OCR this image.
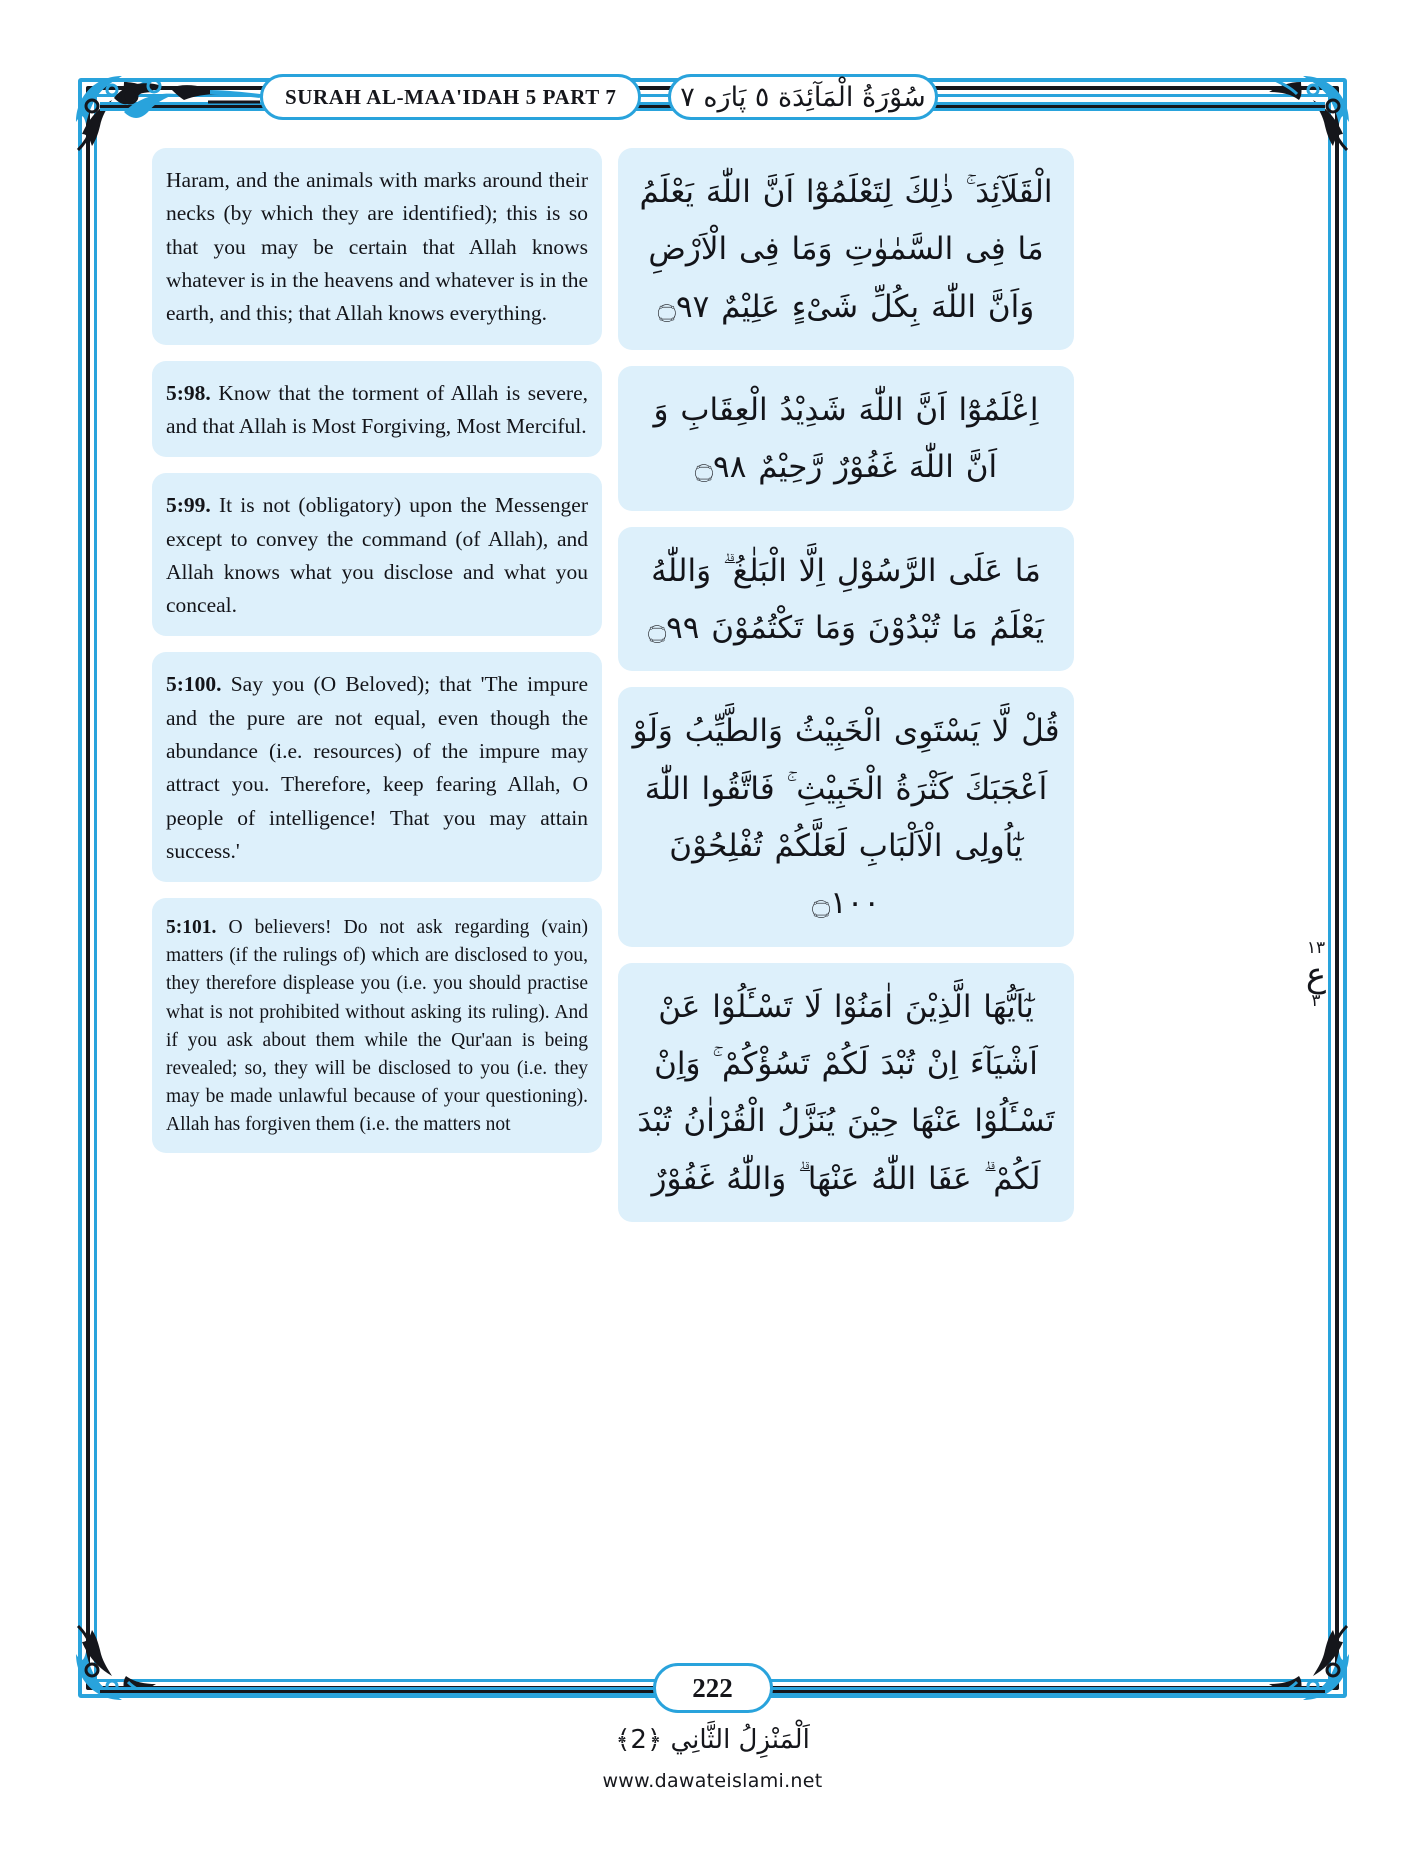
SURAH AL-MAA'IDAH 5 PART 7 سُوْرَةُ الْمَآئِدَة ٥ پَارَه ٧
Haram, and the animals with marks around their necks (by which they are identified); this is so that you may be certain that Allah knows whatever is in the heavens and whatever is in the earth, and this; that Allah knows everything.
5:98. Know that the torment of Allah is severe, and that Allah is Most Forgiving, Most Merciful.
5:99. It is not (obligatory) upon the Messenger except to convey the command (of Allah), and Allah knows what you disclose and what you conceal.
5:100. Say you (O Beloved); that 'The impure and the pure are not equal, even though the abundance (i.e. resources) of the impure may attract you. Therefore, keep fearing Allah, O people of intelligence! That you may attain success.'
5:101. O believers! Do not ask regarding (vain) matters (if the rulings of) which are disclosed to you, they therefore displease you (i.e. you should practise what is not prohibited without asking its ruling). And if you ask about them while the Qur'aan is being revealed; so, they will be disclosed to you (i.e. they may be made unlawful because of your questioning). Allah has forgiven them (i.e. the matters not
الْقَلَآئِدَ ۚ ذٰلِكَ لِتَعْلَمُوْٓا اَنَّ اللّٰهَ يَعْلَمُ مَا فِى السَّمٰوٰتِ وَمَا فِى الْاَرْضِ وَاَنَّ اللّٰهَ بِكُلِّ شَىْءٍ عَلِيْمٌ ۝٩٧
اِعْلَمُوْٓا اَنَّ اللّٰهَ شَدِيْدُ الْعِقَابِ وَ اَنَّ اللّٰهَ غَفُوْرٌ رَّحِيْمٌ ۝٩٨
مَا عَلَى الرَّسُوْلِ اِلَّا الْبَلٰغُ ۗ وَاللّٰهُ يَعْلَمُ مَا تُبْدُوْنَ وَمَا تَكْتُمُوْنَ ۝٩٩
قُلْ لَّا يَسْتَوِى الْخَبِيْثُ وَالطَّيِّبُ وَلَوْ اَعْجَبَكَ كَثْرَةُ الْخَبِيْثِ ۚ فَاتَّقُوا اللّٰهَ يٰٓاُولِى الْاَلْبَابِ لَعَلَّكُمْ تُفْلِحُوْنَ ۝١٠٠
يٰٓاَيُّهَا الَّذِيْنَ اٰمَنُوْا لَا تَسْـَٔلُوْا عَنْ اَشْيَآءَ اِنْ تُبْدَ لَكُمْ تَسُؤْكُمْ ۚ وَاِنْ تَسْـَٔلُوْا عَنْهَا حِيْنَ يُنَزَّلُ الْقُرْاٰنُ تُبْدَ لَكُمْ ۗ عَفَا اللّٰهُ عَنْهَا ۗ وَاللّٰهُ غَفُوْرٌ
١٣
ع
٣
222
اَلْمَنْزِلُ الثَّانِي ﴿2﴾
www.dawateislami.net
